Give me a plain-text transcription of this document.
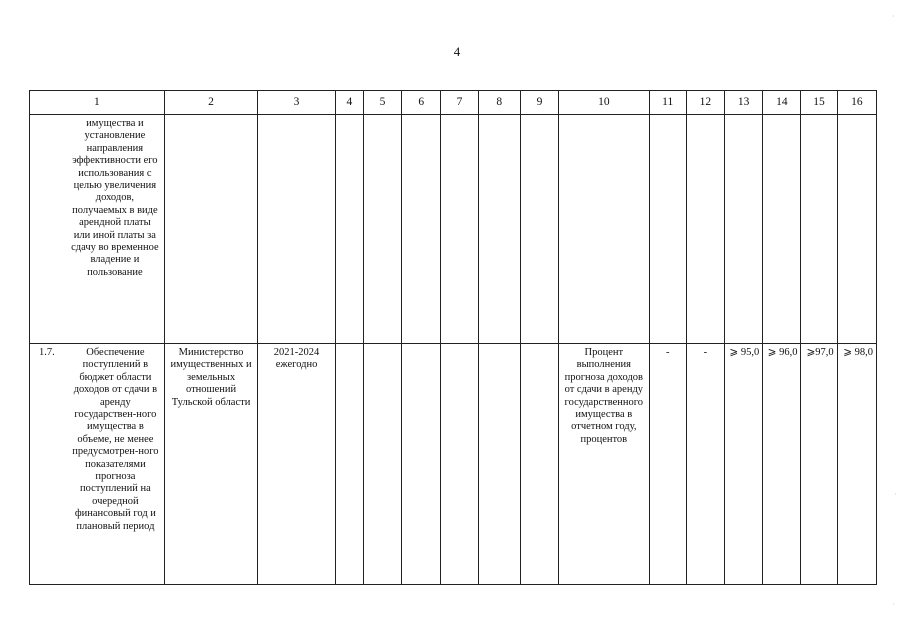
4
1	2	3	4	5	6	7	8	9	10	11	12	13	14	15	16

имущества и установление направления эффективности его использования с целью увеличения доходов, получаемых в виде арендной платы или иной платы за сдачу во временное владение и пользование															

1.7. Обеспечение поступлений в бюджет области доходов от сдачи в аренду государствен-ного имущества в объеме, не менее предусмотрен-ного показателями прогноза поступлений на очередной финансовый год и плановый период	Министерство имущественных и земельных отношений Тульской области	2021-2024 ежегодно							Процент выполнения прогноза доходов от сдачи в аренду государственного имущества в отчетном году, процентов	-	-	⩾ 95,0	⩾ 96,0	⩾97,0	⩾ 98,0
·
·
·
